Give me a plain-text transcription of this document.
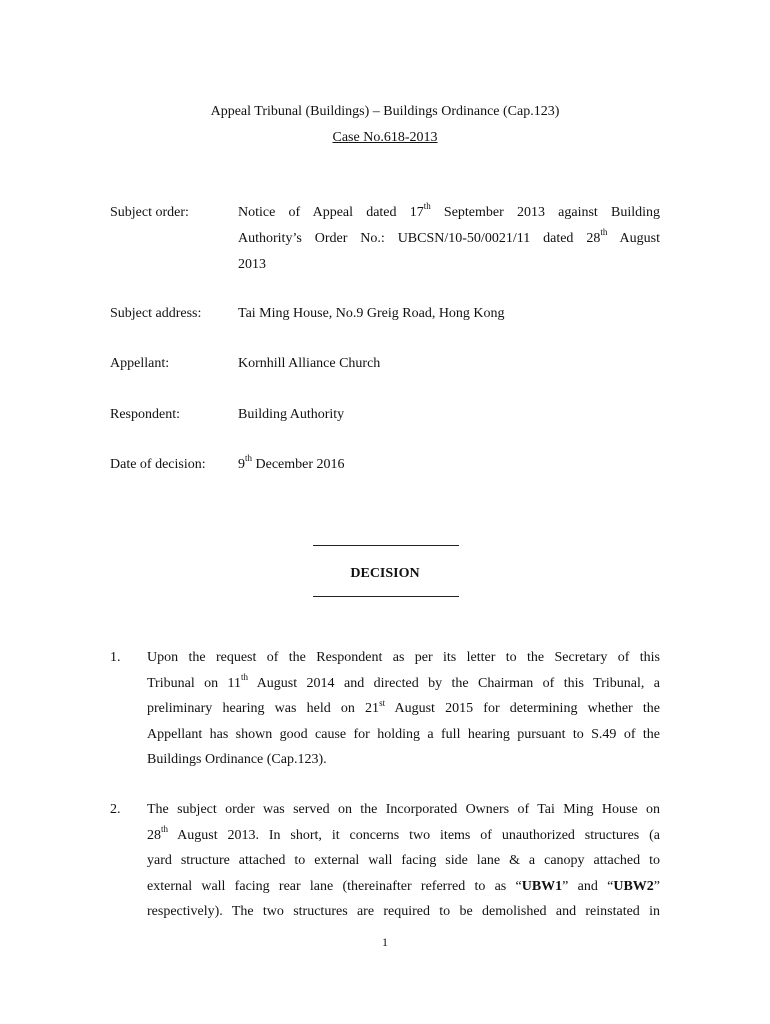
Appeal Tribunal (Buildings) – Buildings Ordinance (Cap.123)
Case No.618-2013
Subject order:	Notice of Appeal dated 17th September 2013 against Building
Authority’s Order No.: UBCSN/10-50/0021/11 dated 28th August
2013
Subject address:	Tai Ming House, No.9 Greig Road, Hong Kong
Appellant:	Kornhill Alliance Church
Respondent:	Building Authority
Date of decision: 9th December 2016
DECISION
1. Upon the request of the Respondent as per its letter to the Secretary of this
Tribunal on 11th August 2014 and directed by the Chairman of this Tribunal, a
preliminary hearing was held on 21st August 2015 for determining whether the
Appellant has shown good cause for holding a full hearing pursuant to S.49 of the
Buildings Ordinance (Cap.123).
2. The subject order was served on the Incorporated Owners of Tai Ming House on
28th August 2013. In short, it concerns two items of unauthorized structures (a
yard structure attached to external wall facing side lane & a canopy attached to
external wall facing rear lane (thereinafter referred to as “UBW1” and “UBW2”
respectively). The two structures are required to be demolished and reinstated in
1
